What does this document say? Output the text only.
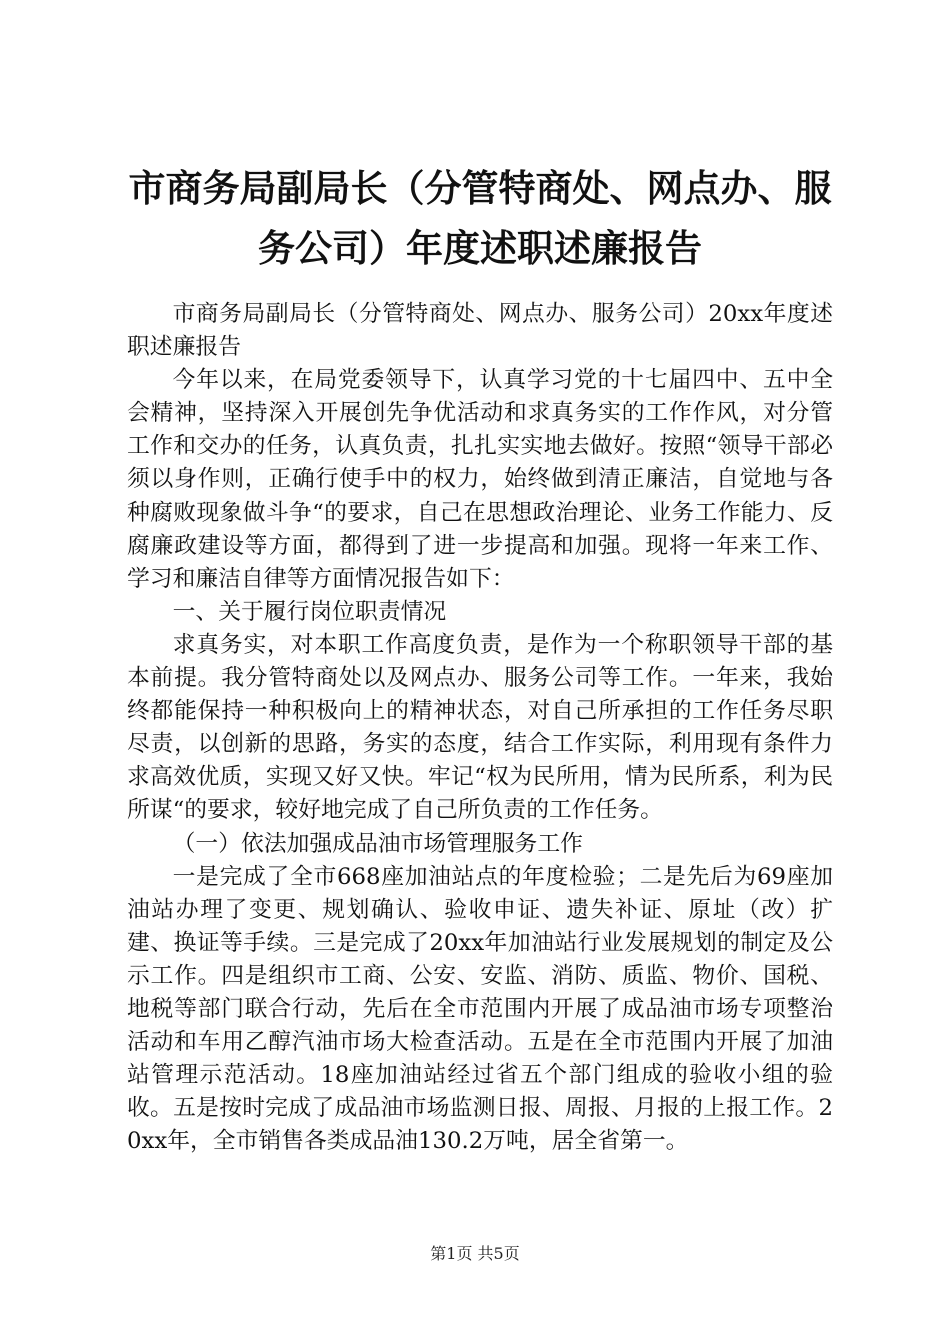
市商务局副局长（分管特商处、网点办、服务公司）年度述职述廉报告

市商务局副局长（分管特商处、网点办、服务公司）20xx年度述职述廉报告

今年以来，在局党委领导下，认真学习党的十七届四中、五中全会精神，坚持深入开展创先争优活动和求真务实的工作作风，对分管工作和交办的任务，认真负责，扎扎实实地去做好。按照“领导干部必须以身作则，正确行使手中的权力，始终做到清正廉洁，自觉地与各种腐败现象做斗争“的要求，自己在思想政治理论、业务工作能力、反腐廉政建设等方面，都得到了进一步提高和加强。现将一年来工作、学习和廉洁自律等方面情况报告如下：

一、关于履行岗位职责情况

求真务实，对本职工作高度负责，是作为一个称职领导干部的基本前提。我分管特商处以及网点办、服务公司等工作。一年来，我始终都能保持一种积极向上的精神状态，对自己所承担的工作任务尽职尽责，以创新的思路，务实的态度，结合工作实际，利用现有条件力求高效优质，实现又好又快。牢记“权为民所用，情为民所系，利为民所谋“的要求，较好地完成了自己所负责的工作任务。

（一）依法加强成品油市场管理服务工作

一是完成了全市668座加油站点的年度检验；二是先后为69座加油站办理了变更、规划确认、验收申证、遗失补证、原址（改）扩建、换证等手续。三是完成了20xx年加油站行业发展规划的制定及公示工作。四是组织市工商、公安、安监、消防、质监、物价、国税、地税等部门联合行动，先后在全市范围内开展了成品油市场专项整治活动和车用乙醇汽油市场大检查活动。五是在全市范围内开展了加油站管理示范活动。18座加油站经过省五个部门组成的验收小组的验收。五是按时完成了成品油市场监测日报、周报、月报的上报工作。20xx年，全市销售各类成品油130.2万吨，居全省第一。

第1页 共5页
